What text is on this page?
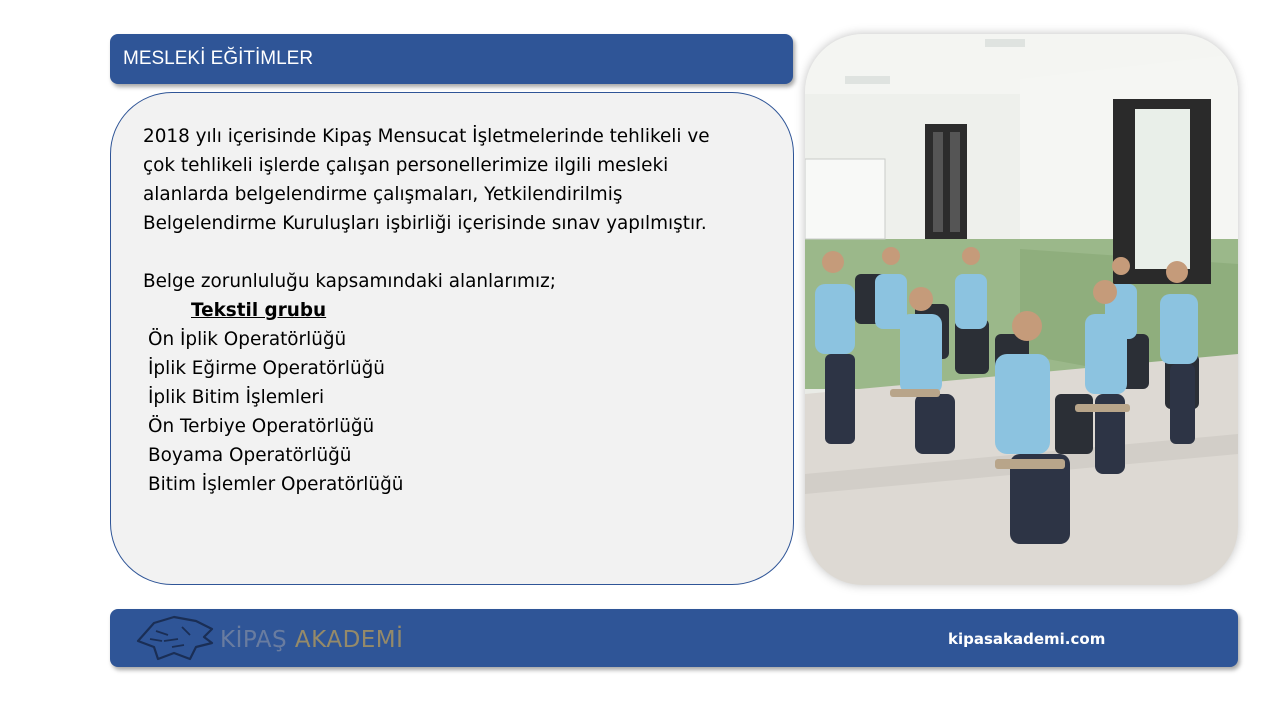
MESLEKİ EĞİTİMLER

2018 yılı içerisinde Kipaş Mensucat İşletmelerinde tehlikeli ve

çok tehlikeli işlerde çalışan personellerimize ilgili mesleki

alanlarda belgelendirme çalışmaları, Yetkilendirilmiş

Belgelendirme Kuruluşları işbirliği içerisinde sınav yapılmıştır.

Belge zorunluluğu kapsamındaki alanlarımız;

Tekstil grubu

Ön İplik Operatörlüğü

İplik Eğirme Operatörlüğü

İplik Bitim İşlemleri

Ön Terbiye Operatörlüğü

Boyama Operatörlüğü

Bitim İşlemler Operatörlüğü

KİPAŞ AKADEMİ	kipasakademi.com
